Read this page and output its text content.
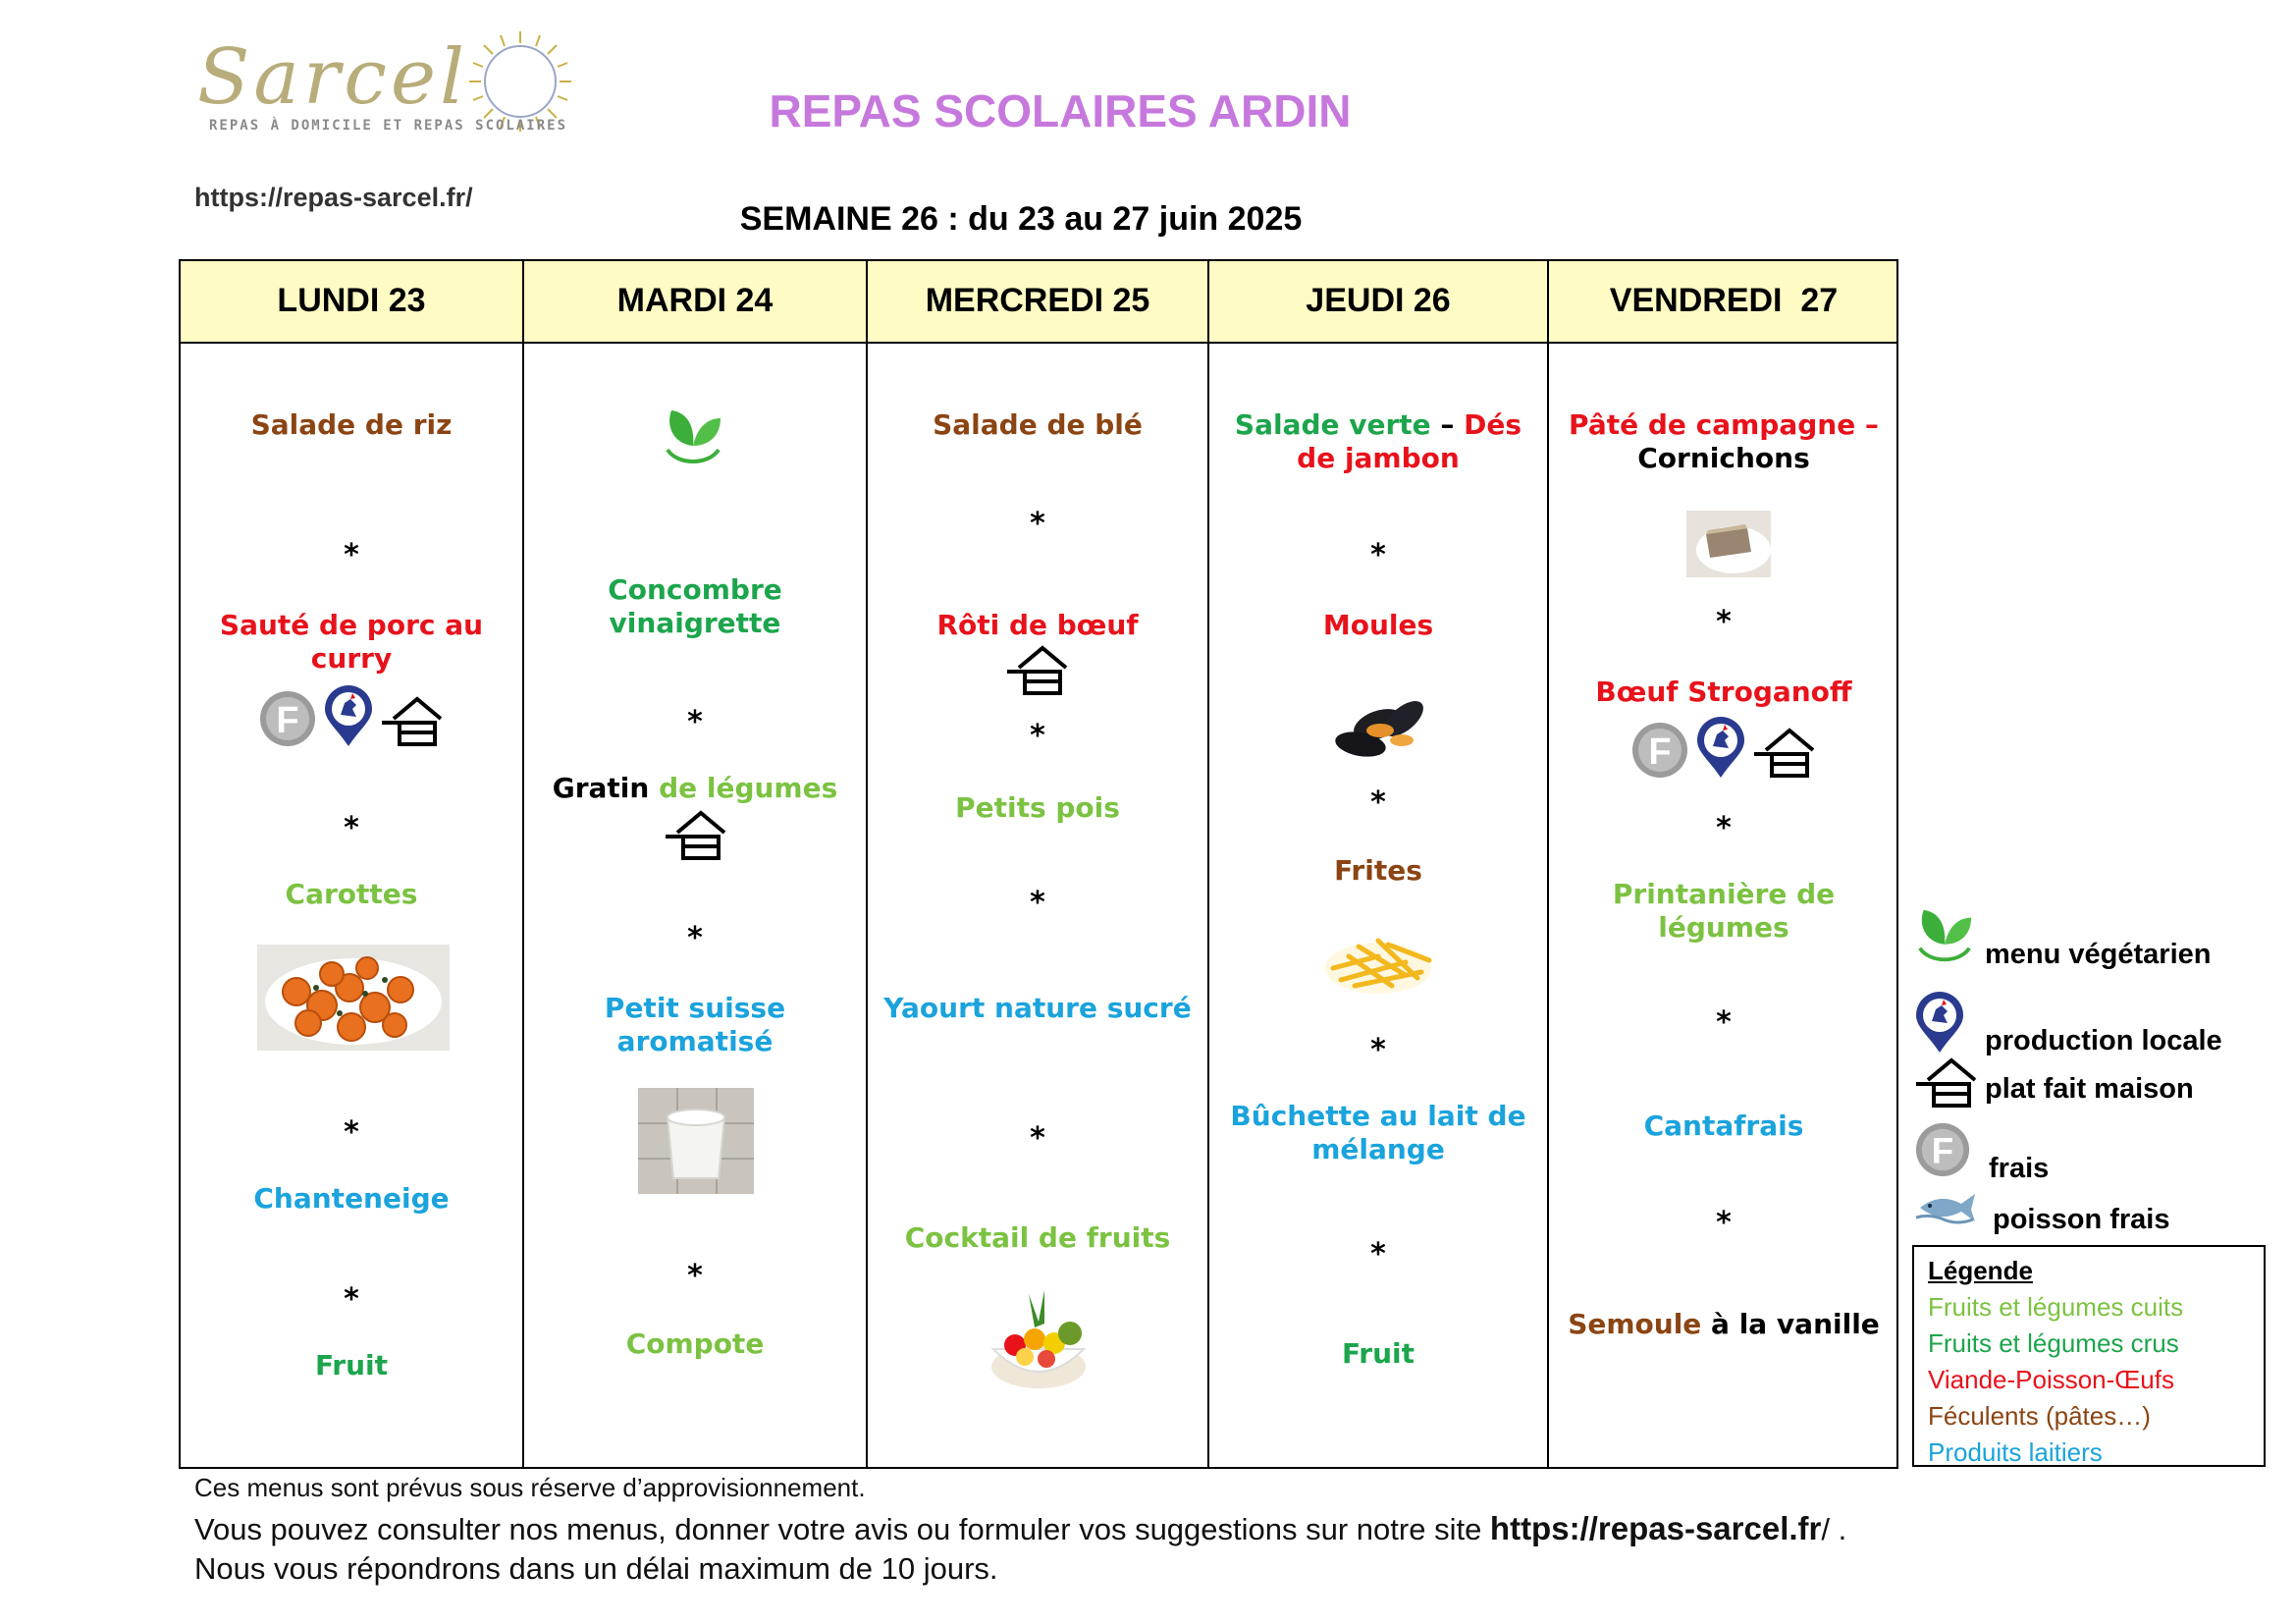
Sarcel
REPAS À DOMICILE ET REPAS SCOLAIRES	REPAS SCOLAIRES ARDIN
https://repas-sarcel.fr/
SEMAINE 26 : du 23 au 27 juin 2025
LUNDI 23
Salade de riz
*
Sauté de porc au
curry
F
*
Carottes
*
Chanteneige
*
Fruit
MARDI 24
Concombre
vinaigrette
*
Gratin de légumes
*
Petit suisse
aromatisé
*
Compote
MERCREDI 25
Salade de blé
*
Rôti de bœuf
*
Petits pois
*
Yaourt nature sucré
*
Cocktail de fruits
JEUDI 26
Salade verte – Dés
de jambon
*
Moules
*
Frites
*
Bûchette au lait de
mélange
*
Fruit
VENDREDI  27
Pâté de campagne –
Cornichons
*
Bœuf Stroganoff
F
*
Printanière de
légumes
*
Cantafrais
*
Semoule à la vanille
menu végétarien
production locale
plat fait maison
F frais
poisson frais
Légende
Fruits et légumes cuits
Fruits et légumes crus
Viande-Poisson-Œufs
Féculents (pâtes…)
Produits laitiers
Ces menus sont prévus sous réserve d’approvisionnement.
Vous pouvez consulter nos menus, donner votre avis ou formuler vos suggestions sur notre site https://repas-sarcel.fr/ .
Nous vous répondrons dans un délai maximum de 10 jours.
